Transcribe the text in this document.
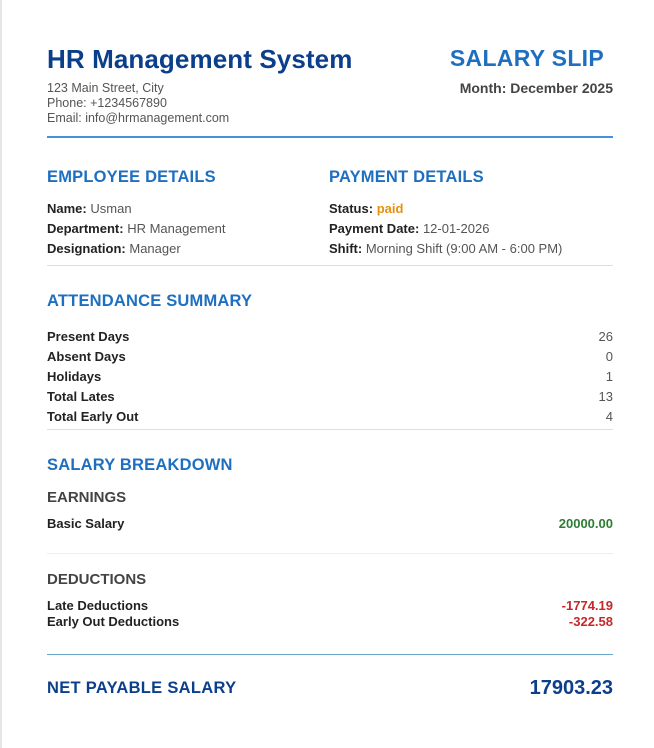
HR Management System
123 Main Street, City
Phone: +1234567890
Email: info@hrmanagement.com
SALARY SLIP
Month: December 2025
EMPLOYEE DETAILS
Name: Usman
Department: HR Management
Designation: Manager
PAYMENT DETAILS
Status: paid
Payment Date: 12-01-2026
Shift: Morning Shift (9:00 AM - 6:00 PM)
ATTENDANCE SUMMARY
Present Days	26
Absent Days	0
Holidays	1
Total Lates	13
Total Early Out	4
SALARY BREAKDOWN
EARNINGS
Basic Salary	20000.00
DEDUCTIONS
Late Deductions	-1774.19
Early Out Deductions	-322.58
NET PAYABLE SALARY	17903.23
